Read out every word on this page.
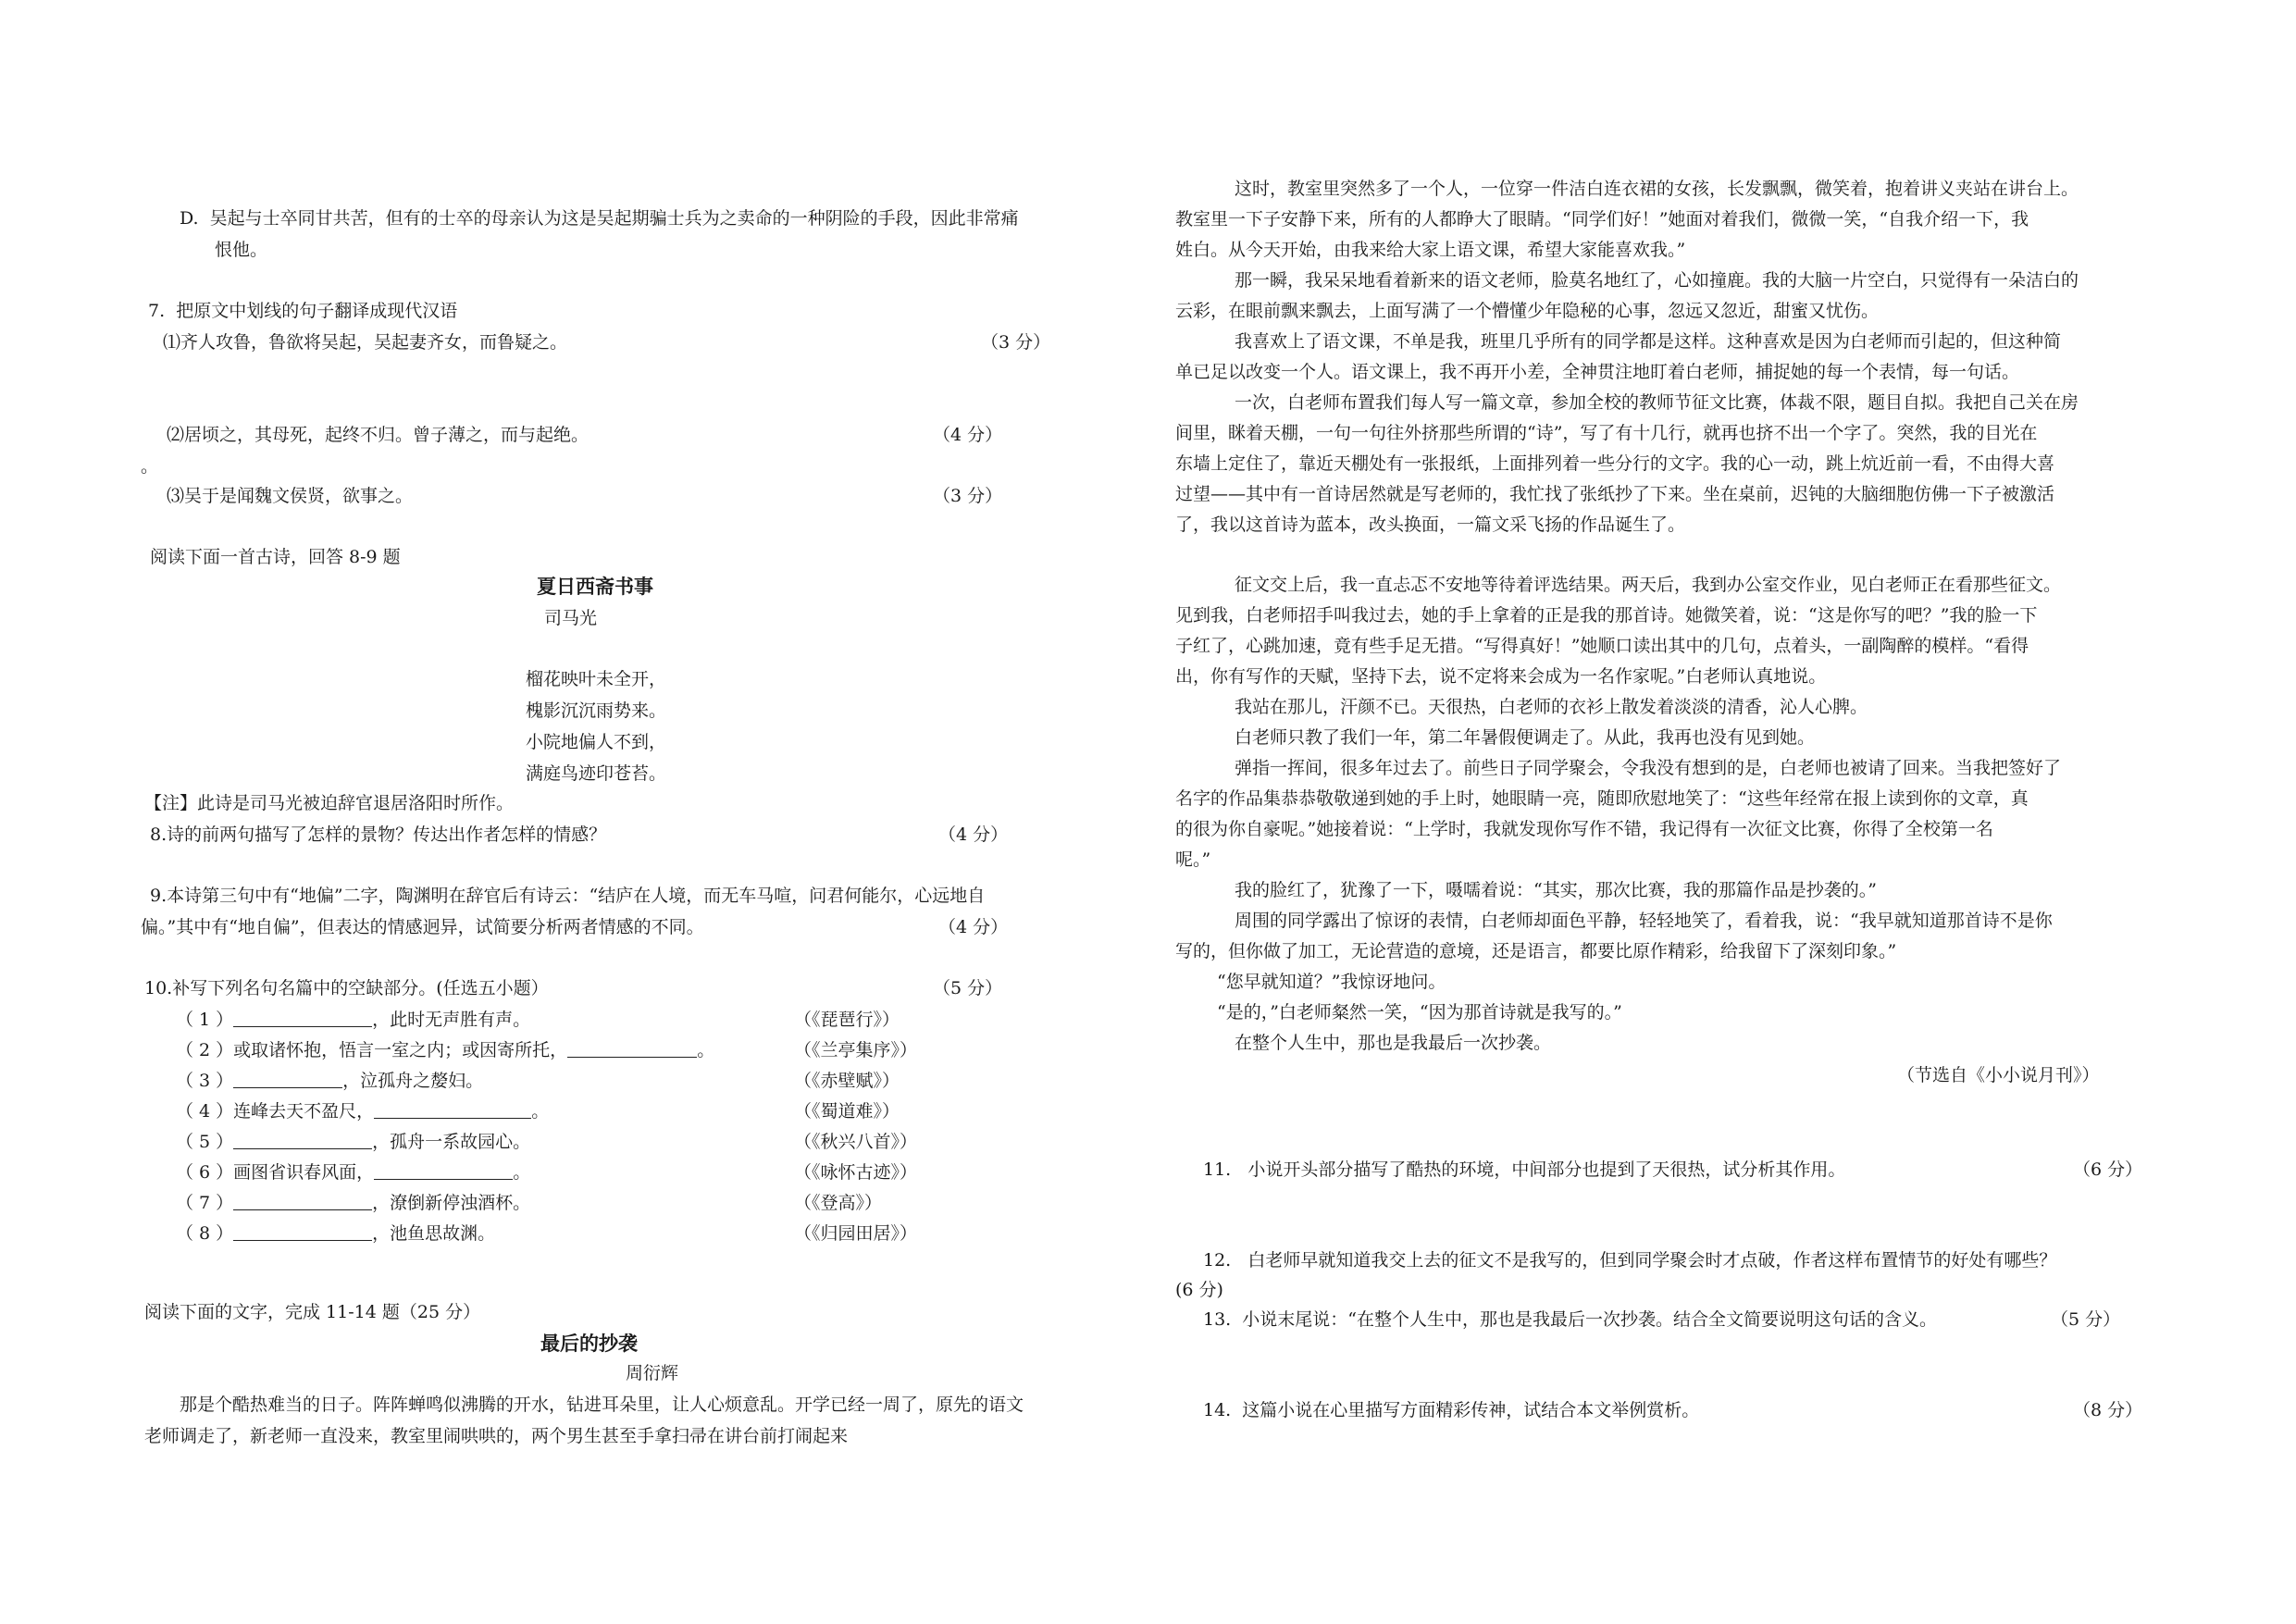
D.  吴起与士卒同甘共苦，但有的士卒的母亲认为这是吴起期骗士兵为之卖命的一种阴险的手段，因此非常痛
恨他。
7.  把原文中划线的句子翻译成现代汉语
⑴齐人攻鲁，鲁欲将吴起，吴起妻齐女，而鲁疑之。	（3 分）
⑵居顷之，其母死，起终不归。曾子薄之，而与起绝。	（4 分）
。
⑶吴于是闻魏文侯贤，欲事之。	（3 分）
阅读下面一首古诗，回答 8-9 题
夏日西斋书事
司马光
榴花映叶未全开，
槐影沉沉雨势来。
小院地偏人不到，
满庭鸟迹印苍苔。
【注】此诗是司马光被迫辞官退居洛阳时所作。
8.诗的前两句描写了怎样的景物？传达出作者怎样的情感？	（4 分）
9.本诗第三句中有“地偏”二字，陶渊明在辞官后有诗云：“结庐在人境，而无车马喧，问君何能尔，心远地自
偏。”其中有“地自偏”，但表达的情感迥异，试简要分析两者情感的不同。	（4 分）
10.补写下列名句名篇中的空缺部分。(任选五小题）	（5 分）
（ 1 ）	，此时无声胜有声。	（《琵琶行》）
（ 2 ）或取诸怀抱，悟言一室之内；或因寄所托，	。	（《兰亭集序》）
（ 3 ）	，泣孤舟之嫠妇。	（《赤壁赋》）
（ 4 ）连峰去天不盈尺，	。	（《蜀道难》）
（ 5 ）	，孤舟一系故园心。	（《秋兴八首》）
（ 6 ）画图省识春风面，	。	（《咏怀古迹》）
（ 7 ）	，潦倒新停浊酒杯。	（《登高》）
（ 8 ）	，池鱼思故渊。	（《归园田居》）
阅读下面的文字，完成 11-14 题（25 分）
最后的抄袭
周衍辉
　　那是个酷热难当的日子。阵阵蝉鸣似沸腾的开水，钻进耳朵里，让人心烦意乱。开学已经一周了，原先的语文
老师调走了，新老师一直没来，教室里闹哄哄的，两个男生甚至手拿扫帚在讲台前打闹起来
　　这时，教室里突然多了一个人，一位穿一件洁白连衣裙的女孩，长发飘飘，微笑着，抱着讲义夹站在讲台上。
教室里一下子安静下来，所有的人都睁大了眼睛。“同学们好！”她面对着我们，微微一笑，“自我介绍一下，我
姓白。从今天开始，由我来给大家上语文课，希望大家能喜欢我。”
　　那一瞬，我呆呆地看着新来的语文老师，脸莫名地红了，心如撞鹿。我的大脑一片空白，只觉得有一朵洁白的
云彩，在眼前飘来飘去，上面写满了一个懵懂少年隐秘的心事，忽远又忽近，甜蜜又忧伤。
　　我喜欢上了语文课，不单是我，班里几乎所有的同学都是这样。这种喜欢是因为白老师而引起的，但这种简
单已足以改变一个人。语文课上，我不再开小差，全神贯注地盯着白老师，捕捉她的每一个表情，每一句话。
　　一次，白老师布置我们每人写一篇文章，参加全校的教师节征文比赛，体裁不限，题目自拟。我把自己关在房
间里，眯着天棚，一句一句往外挤那些所谓的“诗”，写了有十几行，就再也挤不出一个字了。突然，我的目光在
东墙上定住了，靠近天棚处有一张报纸，上面排列着一些分行的文字。我的心一动，跳上炕近前一看，不由得大喜
过望——其中有一首诗居然就是写老师的，我忙找了张纸抄了下来。坐在桌前，迟钝的大脑细胞仿佛一下子被激活
了，我以这首诗为蓝本，改头换面，一篇文采飞扬的作品诞生了。
　　征文交上后，我一直忐忑不安地等待着评选结果。两天后，我到办公室交作业，见白老师正在看那些征文。
见到我，白老师招手叫我过去，她的手上拿着的正是我的那首诗。她微笑着，说：“这是你写的吧？”我的脸一下
子红了，心跳加速，竟有些手足无措。“写得真好！”她顺口读出其中的几句，点着头，一副陶醉的模样。“看得
出，你有写作的天赋，坚持下去，说不定将来会成为一名作家呢。”白老师认真地说。
　　我站在那儿，汗颜不已。天很热，白老师的衣衫上散发着淡淡的清香，沁人心脾。
　　白老师只教了我们一年，第二年暑假便调走了。从此，我再也没有见到她。
　　弹指一挥间，很多年过去了。前些日子同学聚会，令我没有想到的是，白老师也被请了回来。当我把签好了
名字的作品集恭恭敬敬递到她的手上时，她眼睛一亮，随即欣慰地笑了：“这些年经常在报上读到你的文章，真
的很为你自豪呢。”她接着说：“上学时，我就发现你写作不错，我记得有一次征文比赛，你得了全校第一名
呢。”
　　我的脸红了，犹豫了一下，嗫嚅着说：“其实，那次比赛，我的那篇作品是抄袭的。”
　　周围的同学露出了惊讶的表情，白老师却面色平静，轻轻地笑了，看着我，说：“我早就知道那首诗不是你
写的，但你做了加工，无论营造的意境，还是语言，都要比原作精彩，给我留下了深刻印象。”
　“您早就知道？”我惊讶地问。
　“是的，”白老师粲然一笑，“因为那首诗就是我写的。”
　　在整个人生中，那也是我最后一次抄袭。
（节选自《小小说月刊》）
11.   小说开头部分描写了酷热的环境，中间部分也提到了天很热，试分析其作用。	（6 分）
12.   白老师早就知道我交上去的征文不是我写的，但到同学聚会时才点破，作者这样布置情节的好处有哪些？
(6 分)
13.  小说末尾说：“在整个人生中，那也是我最后一次抄袭。结合全文简要说明这句话的含义。	（5 分）
14.  这篇小说在心里描写方面精彩传神，试结合本文举例赏析。	（8 分）
